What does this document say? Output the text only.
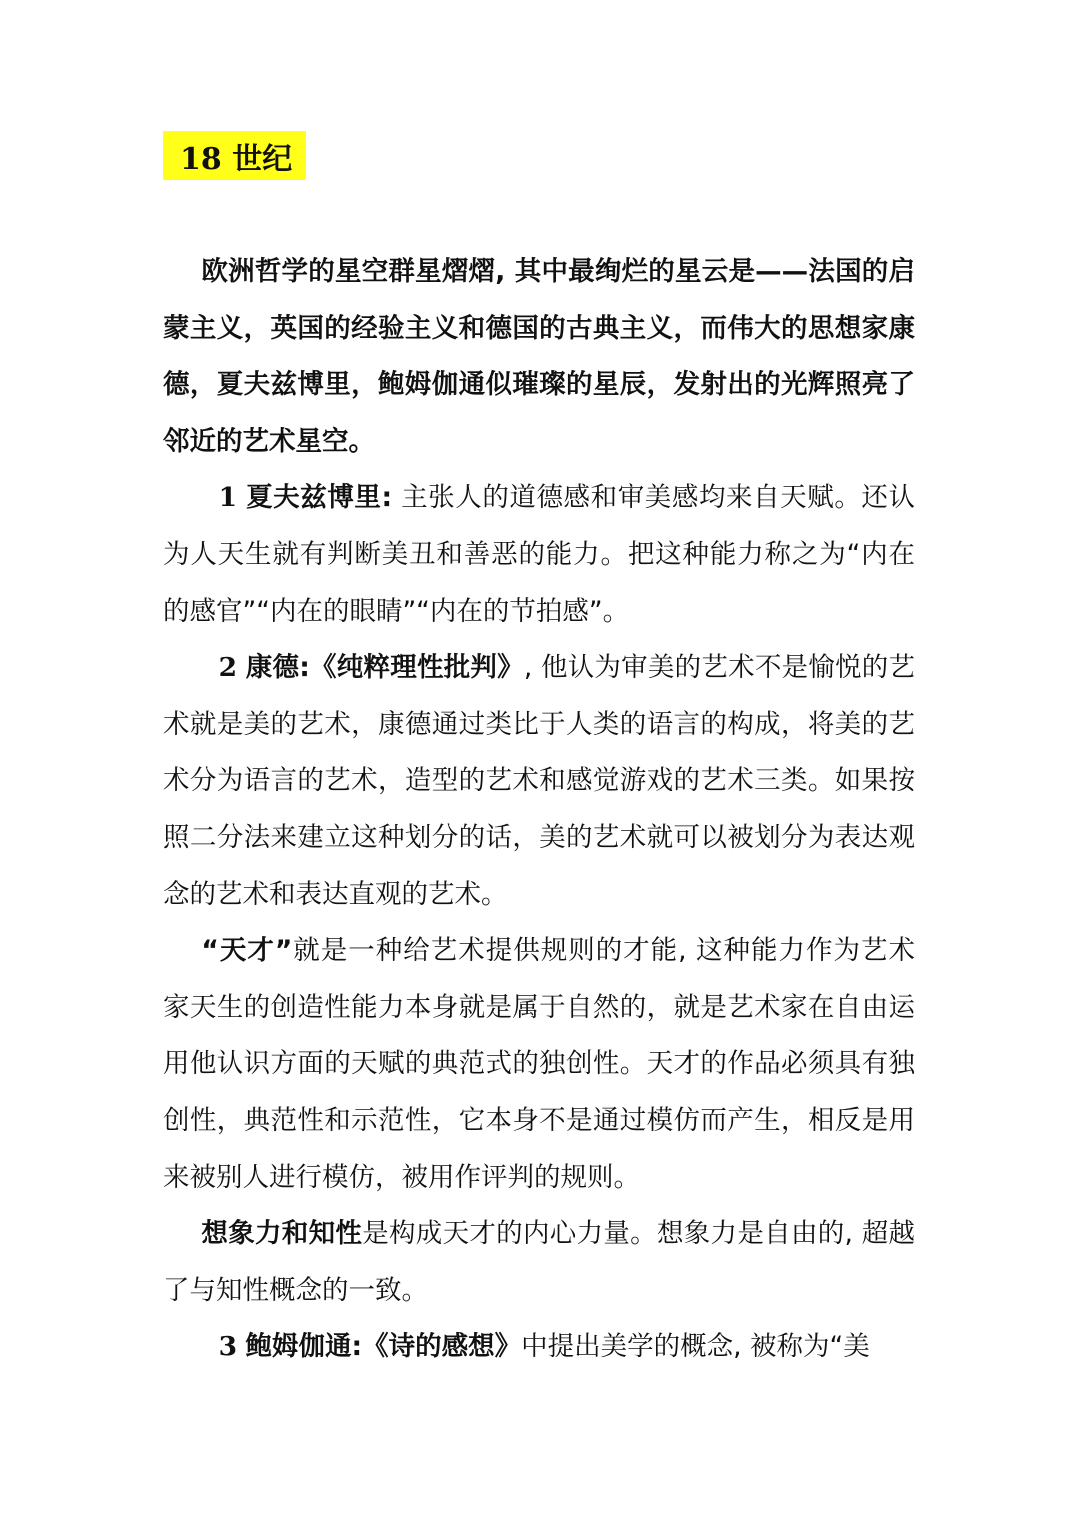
18 世纪

欧洲哲学的星空群星熠熠, 其中最绚烂的星云是——法国的启蒙主义，英国的经验主义和德国的古典主义，而伟大的思想家康德，夏夫兹博里，鲍姆伽通似璀璨的星辰，发射出的光辉照亮了邻近的艺术星空。

1 夏夫兹博里: 主张人的道德感和审美感均来自天赋。还认为人天生就有判断美丑和善恶的能力。把这种能力称之为“内在的感官”“内在的眼睛”“内在的节拍感”。

2 康德:《纯粹理性批判》, 他认为审美的艺术不是愉悦的艺术就是美的艺术，康德通过类比于人类的语言的构成，将美的艺术分为语言的艺术，造型的艺术和感觉游戏的艺术三类。如果按照二分法来建立这种划分的话，美的艺术就可以被划分为表达观念的艺术和表达直观的艺术。

“天才”就是一种给艺术提供规则的才能, 这种能力作为艺术家天生的创造性能力本身就是属于自然的，就是艺术家在自由运用他认识方面的天赋的典范式的独创性。天才的作品必须具有独创性，典范性和示范性，它本身不是通过模仿而产生，相反是用来被别人进行模仿，被用作评判的规则。

想象力和知性是构成天才的内心力量。想象力是自由的, 超越了与知性概念的一致。

3 鲍姆伽通:《诗的感想》中提出美学的概念, 被称为“美
